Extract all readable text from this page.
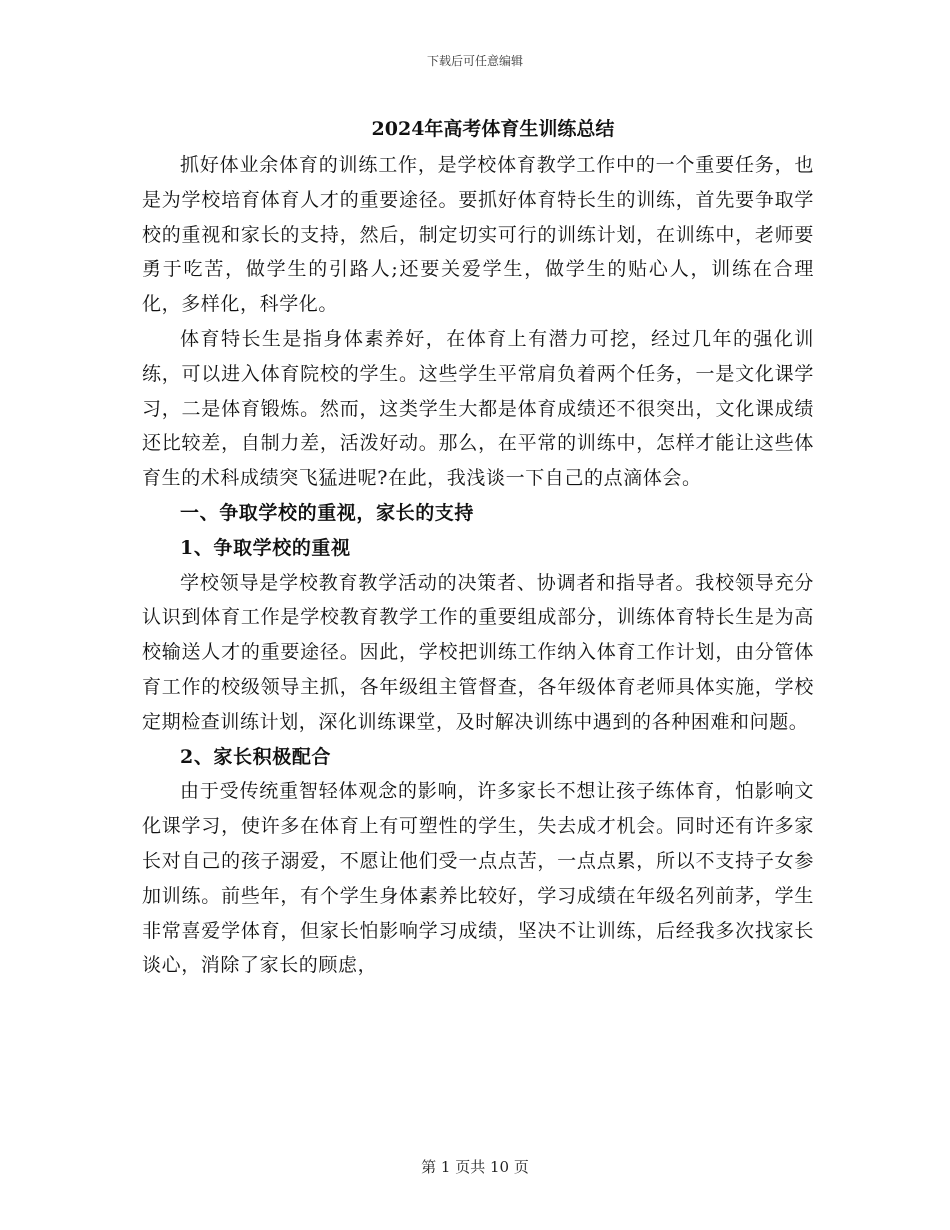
下载后可任意编辑
2024年高考体育生训练总结

抓好体业余体育的训练工作，是学校体育教学工作中的一个重要任务，也是为学校培育体育人才的重要途径。要抓好体育特长生的训练，首先要争取学校的重视和家长的支持，然后，制定切实可行的训练计划，在训练中，老师要勇于吃苦，做学生的引路人;还要关爱学生，做学生的贴心人，训练在合理化，多样化，科学化。

体育特长生是指身体素养好，在体育上有潜力可挖，经过几年的强化训练，可以进入体育院校的学生。这些学生平常肩负着两个任务，一是文化课学习，二是体育锻炼。然而，这类学生大都是体育成绩还不很突出，文化课成绩还比较差，自制力差，活泼好动。那么，在平常的训练中，怎样才能让这些体育生的术科成绩突飞猛进呢?在此，我浅谈一下自己的点滴体会。

一、争取学校的重视，家长的支持

1、争取学校的重视

学校领导是学校教育教学活动的决策者、协调者和指导者。我校领导充分认识到体育工作是学校教育教学工作的重要组成部分，训练体育特长生是为高校输送人才的重要途径。因此，学校把训练工作纳入体育工作计划，由分管体育工作的校级领导主抓，各年级组主管督查，各年级体育老师具体实施，学校定期检查训练计划，深化训练课堂，及时解决训练中遇到的各种困难和问题。

2、家长积极配合

由于受传统重智轻体观念的影响，许多家长不想让孩子练体育，怕影响文化课学习，使许多在体育上有可塑性的学生，失去成才机会。同时还有许多家长对自己的孩子溺爱，不愿让他们受一点点苦，一点点累，所以不支持子女参加训练。前些年，有个学生身体素养比较好，学习成绩在年级名列前茅，学生非常喜爱学体育，但家长怕影响学习成绩，坚决不让训练，后经我多次找家长谈心，消除了家长的顾虑，

第 1 页共 10 页
